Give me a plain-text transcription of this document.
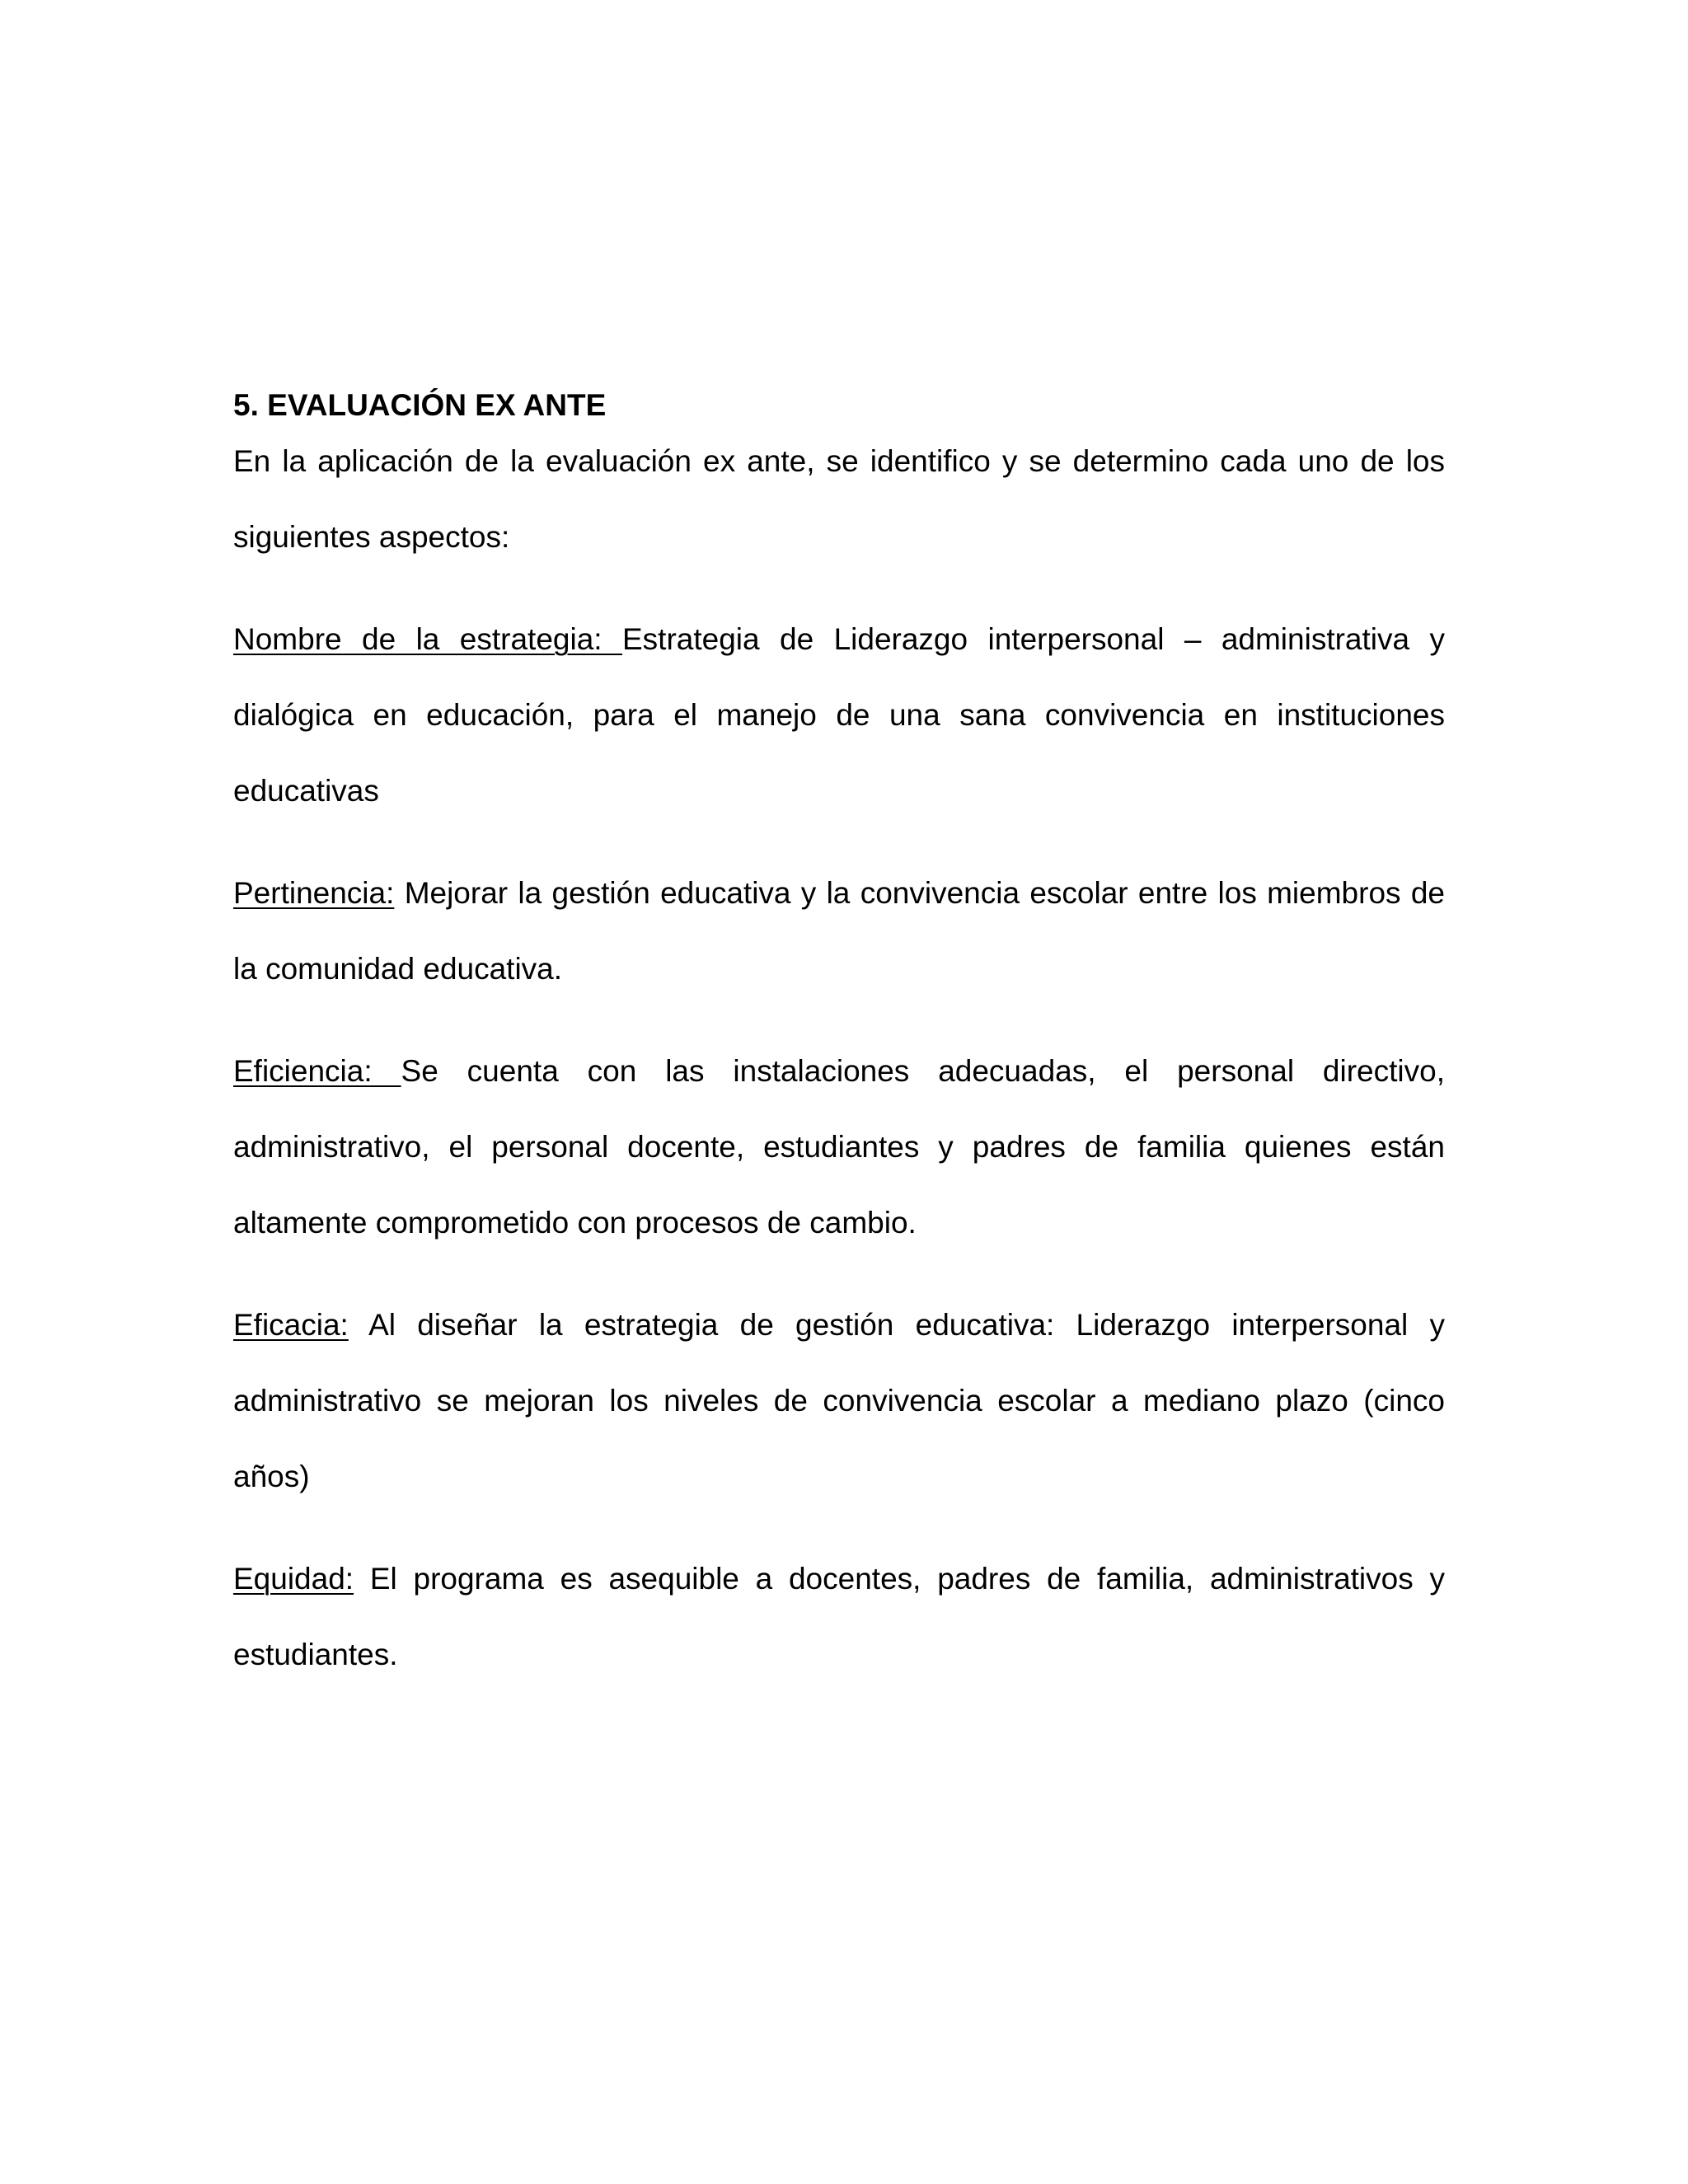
5. EVALUACIÓN EX ANTE

En la aplicación de la evaluación ex ante, se identifico y se determino cada uno de los siguientes aspectos:

Nombre de la estrategia: Estrategia de Liderazgo interpersonal – administrativa y dialógica en educación, para el manejo de una sana convivencia en instituciones educativas

Pertinencia: Mejorar la gestión educativa y la convivencia escolar entre los miembros de la comunidad educativa.

Eficiencia: Se cuenta con las instalaciones adecuadas, el personal directivo, administrativo, el personal docente, estudiantes y padres de familia quienes están altamente comprometido con procesos de cambio.

Eficacia: Al diseñar la estrategia de gestión educativa: Liderazgo interpersonal y administrativo se mejoran los niveles de convivencia escolar a mediano plazo (cinco años)

Equidad: El programa es asequible a docentes, padres de familia, administrativos y estudiantes.
